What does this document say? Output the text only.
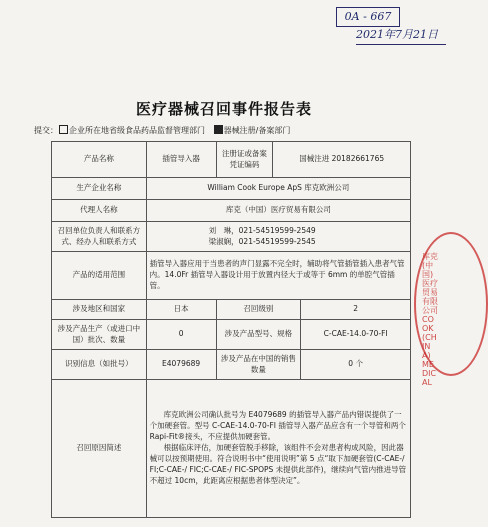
0A - 667
2021年7月21日
医疗器械召回事件报告表
提交： 企业所在地省级食品药品监督管理部门 器械注册/备案部门
产品名称	插管导入器	注册证或备案凭证编码	国械注进 20182661765	
生产企业名称	William Cook Europe ApS 库克欧洲公司			
代理人名称	库克（中国）医疗贸易有限公司			
召回单位负责人和联系方式、经办人和联系方式	刘　琳，021-54519599-2549
梁淑娴，021-54519599-2545			

产品的适用范围	插管导入器应用于当患者的声门显露不完全时，辅助将气管插管插入患者气管内。14.0Fr 插管导入器设计用于放置内径大于或等于 6mm 的单腔气管插管。			
涉及地区和国家	日本	召回级别		2
涉及产品生产（或进口中国）批次、数量	0	涉及产品型号、规格		C-CAE-14.0-70-FI
识别信息（如批号）	E4079689	涉及产品在中国的销售数量		0 个
召回原因简述	库克欧洲公司确认批号为 E4079689 的插管导入器产品内错误提供了一个加硬套管。型号 C-CAE-14.0-70-FI 插管导入器产品应含有一个导管和两个 Rapi-Fit®接头，不应提供加硬套管。

根据临床评估，加硬套管脱手移除，该组件不会对患者构成风险，因此器械可以按预期使用。符合说明书中“使用说明”第 5 点“取下加硬套管(C-CAE-/ FI;C-CAE-/ FIC;C-CAE-/ FIC-SPOPS 未提供此部件)，继续向气管内推进导管不超过 10cm，此距离应根据患者体型决定”。			

库克(中国)医疗贸易有限公司 COOK (CHINA) MEDICAL
